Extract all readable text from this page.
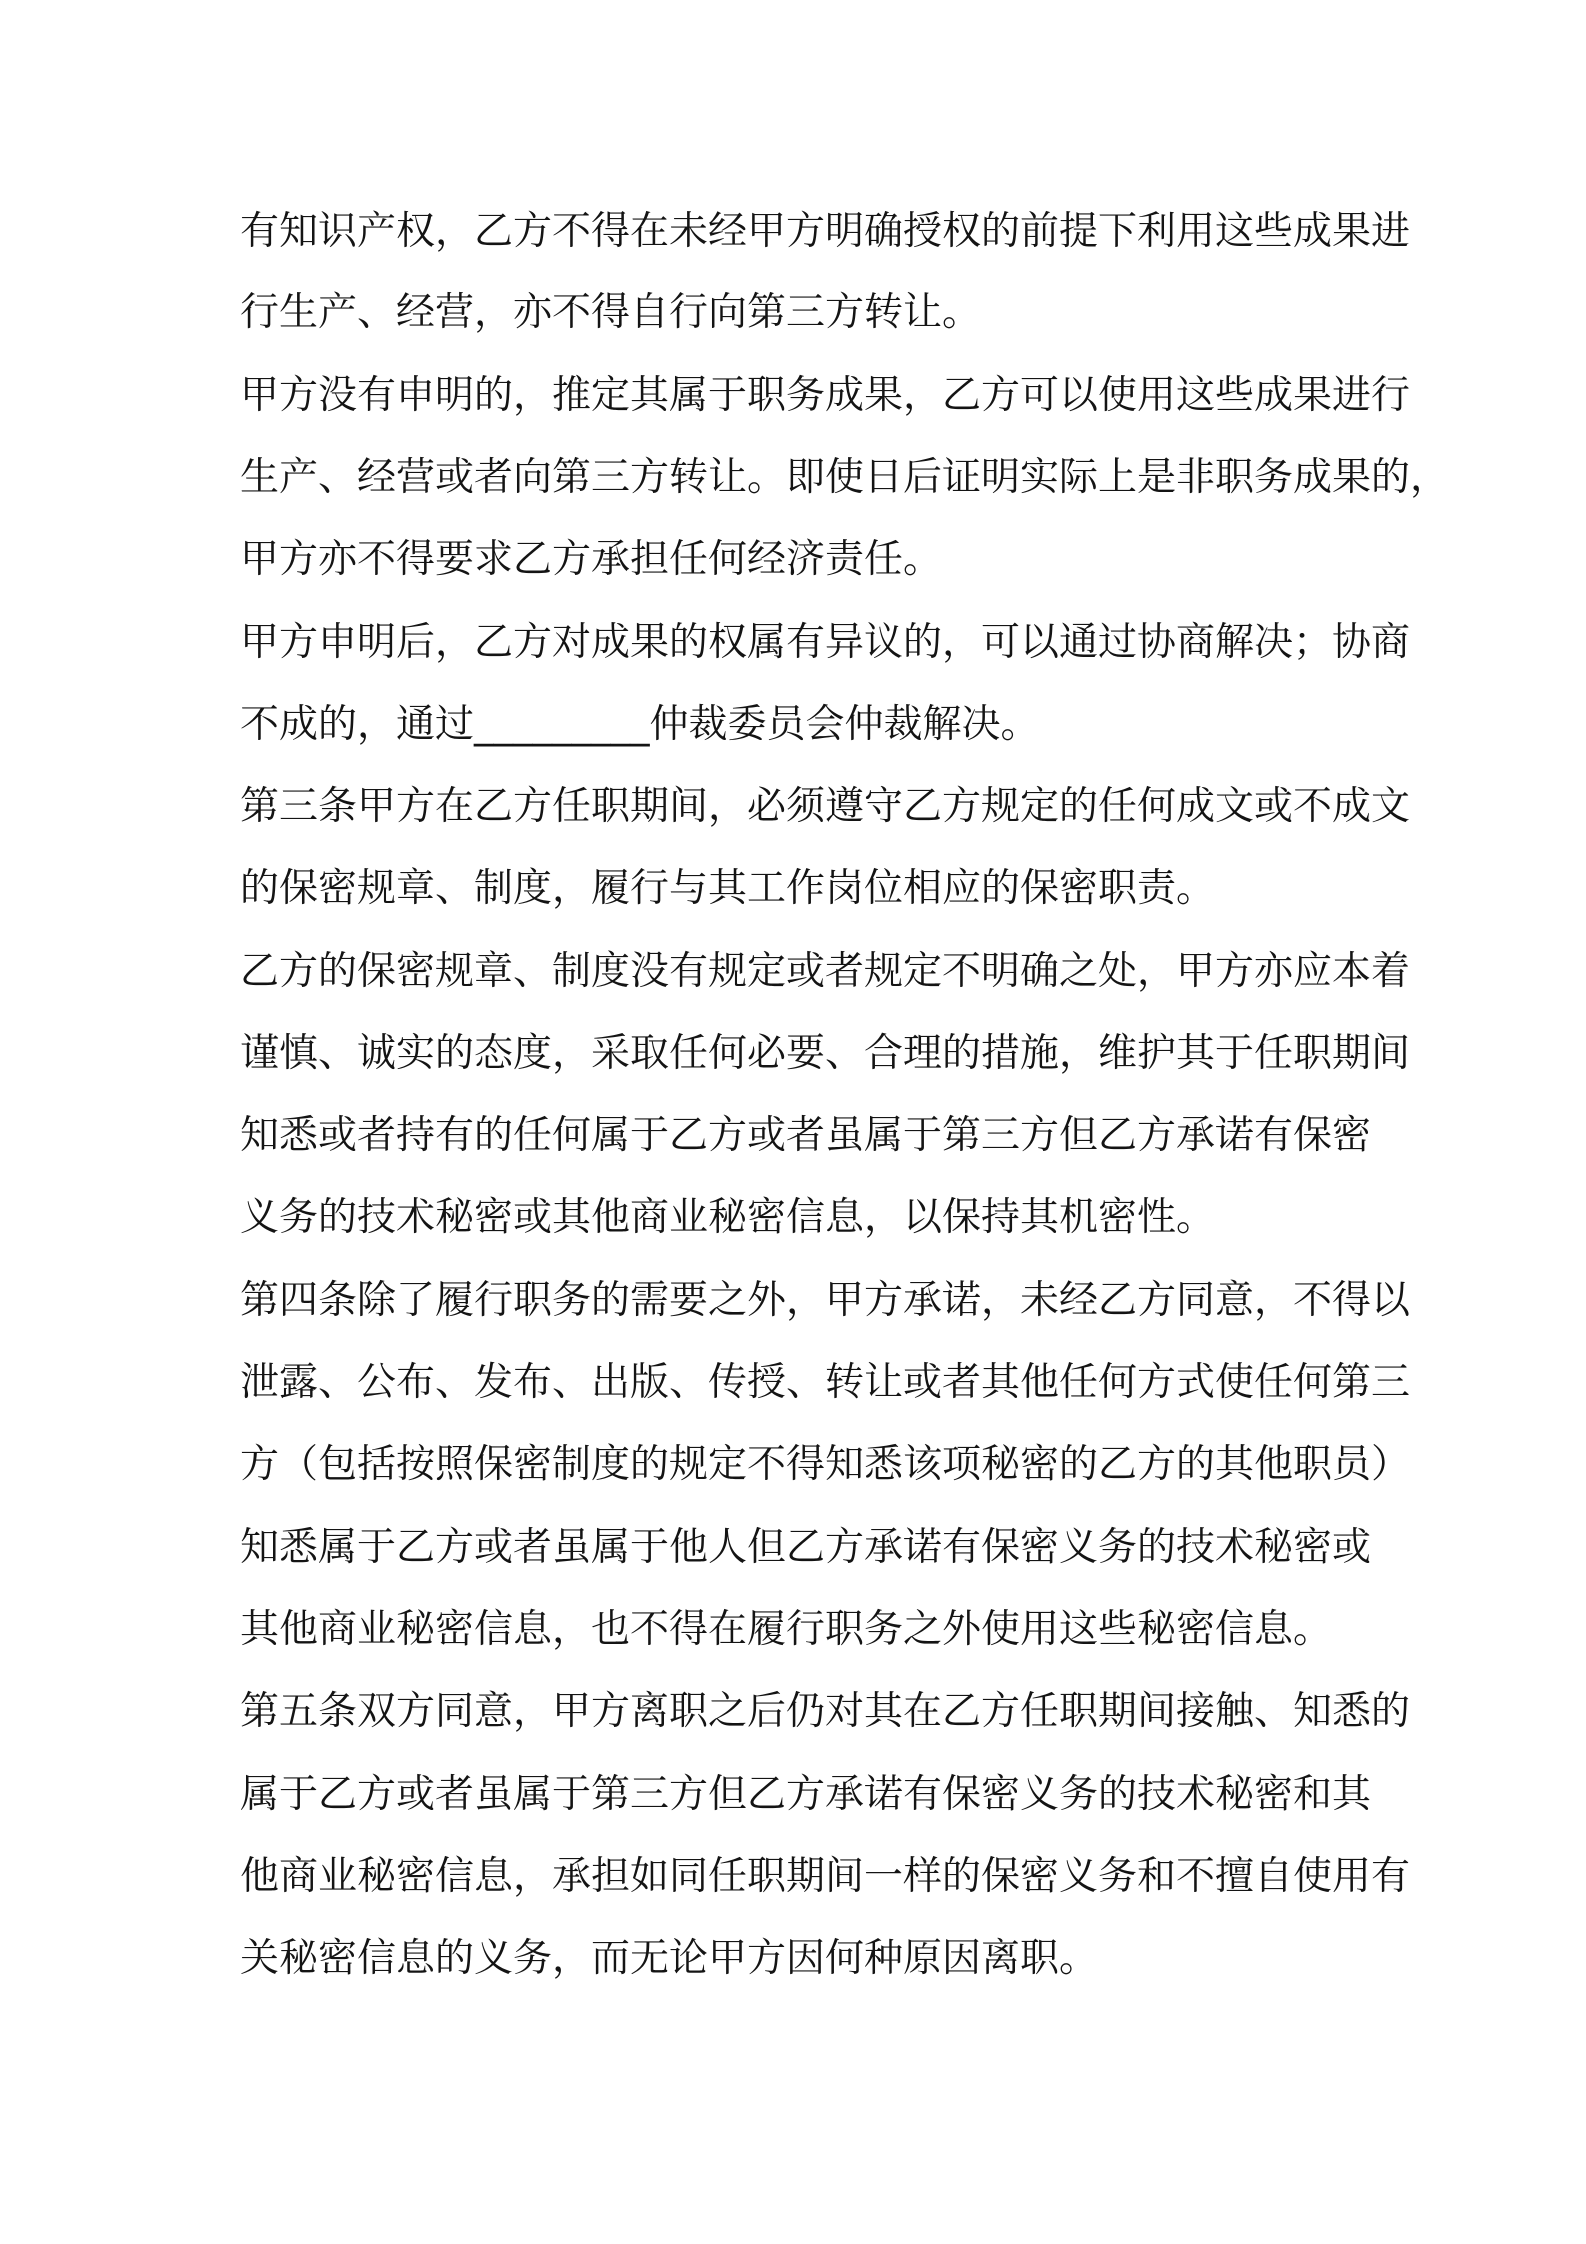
有知识产权，乙方不得在未经甲方明确授权的前提下利用这些成果进
行生产、经营，亦不得自行向第三方转让。
甲方没有申明的，推定其属于职务成果，乙方可以使用这些成果进行
生产、经营或者向第三方转让。即使日后证明实际上是非职务成果的，
甲方亦不得要求乙方承担任何经济责任。
甲方申明后，乙方对成果的权属有异议的，可以通过协商解决；协商
不成的，通过_________仲裁委员会仲裁解决。
第三条甲方在乙方任职期间，必须遵守乙方规定的任何成文或不成文
的保密规章、制度，履行与其工作岗位相应的保密职责。
乙方的保密规章、制度没有规定或者规定不明确之处，甲方亦应本着
谨慎、诚实的态度，采取任何必要、合理的措施，维护其于任职期间
知悉或者持有的任何属于乙方或者虽属于第三方但乙方承诺有保密
义务的技术秘密或其他商业秘密信息，以保持其机密性。
第四条除了履行职务的需要之外，甲方承诺，未经乙方同意，不得以
泄露、公布、发布、出版、传授、转让或者其他任何方式使任何第三
方（包括按照保密制度的规定不得知悉该项秘密的乙方的其他职员）
知悉属于乙方或者虽属于他人但乙方承诺有保密义务的技术秘密或
其他商业秘密信息，也不得在履行职务之外使用这些秘密信息。
第五条双方同意，甲方离职之后仍对其在乙方任职期间接触、知悉的
属于乙方或者虽属于第三方但乙方承诺有保密义务的技术秘密和其
他商业秘密信息，承担如同任职期间一样的保密义务和不擅自使用有
关秘密信息的义务，而无论甲方因何种原因离职。
